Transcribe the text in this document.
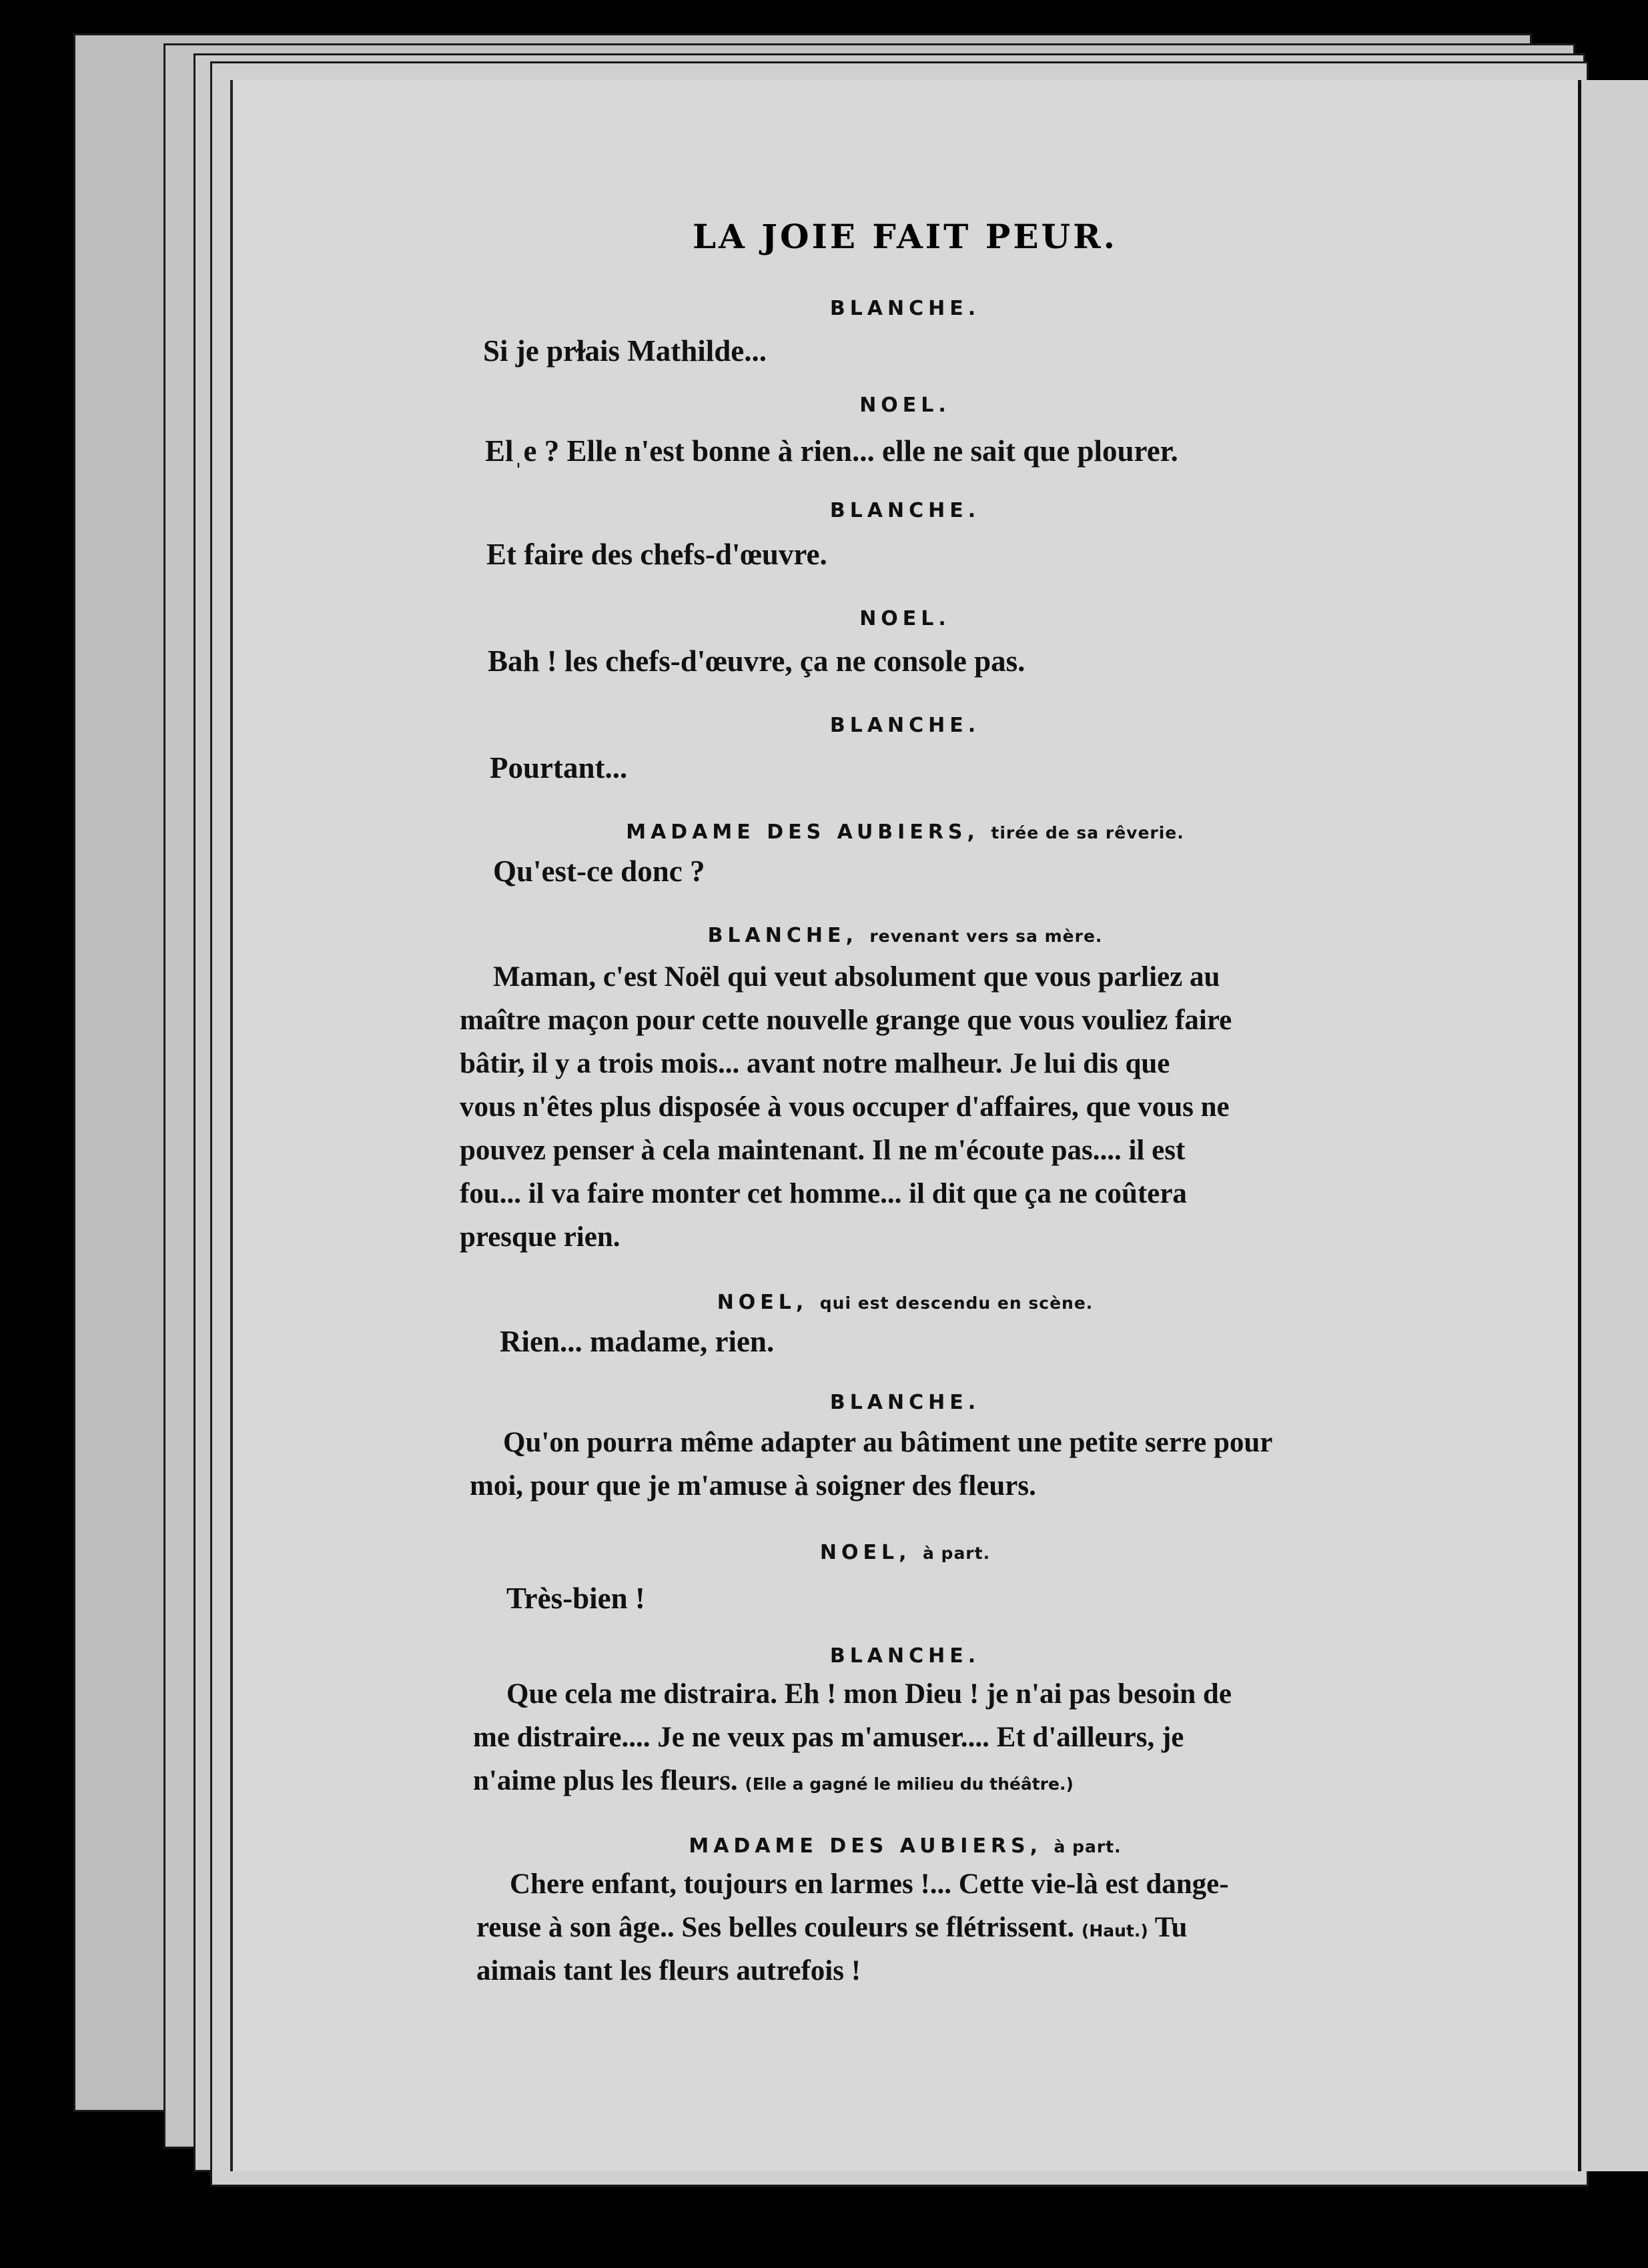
LA JOIE FAIT PEUR.
BLANCHE.
Si je prɫais Mathilde...
NOEL.
Elˌe ? Elle n'est bonne à rien... elle ne sait que plourer.
BLANCHE.
Et faire des chefs-d'œuvre.
NOEL.
Bah ! les chefs-d'œuvre, ça ne console pas.
BLANCHE.
Pourtant...
MADAME DES AUBIERS, tirée de sa rêverie.
Qu'est-ce donc ?
BLANCHE, revenant vers sa mère.
Maman, c'est Noël qui veut absolument que vous parliez au
maître maçon pour cette nouvelle grange que vous vouliez faire
bâtir, il y a trois mois... avant notre malheur. Je lui dis que
vous n'êtes plus disposée à vous occuper d'affaires, que vous ne
pouvez penser à cela maintenant. Il ne m'écoute pas.... il est
fou... il va faire monter cet homme... il dit que ça ne coûtera
presque rien.
NOEL, qui est descendu en scène.
Rien... madame, rien.
BLANCHE.
Qu'on pourra même adapter au bâtiment une petite serre pour
moi, pour que je m'amuse à soigner des fleurs.
NOEL, à part.
Très-bien !
BLANCHE.
Que cela me distraira. Eh ! mon Dieu ! je n'ai pas besoin de
me distraire.... Je ne veux pas m'amuser.... Et d'ailleurs, je
n'aime plus les fleurs. (Elle a gagné le milieu du théâtre.)
MADAME DES AUBIERS, à part.
Chere enfant, toujours en larmes !... Cette vie-là est dange-
reuse à son âge.. Ses belles couleurs se flétrissent. (Haut.) Tu
aimais tant les fleurs autrefois !
